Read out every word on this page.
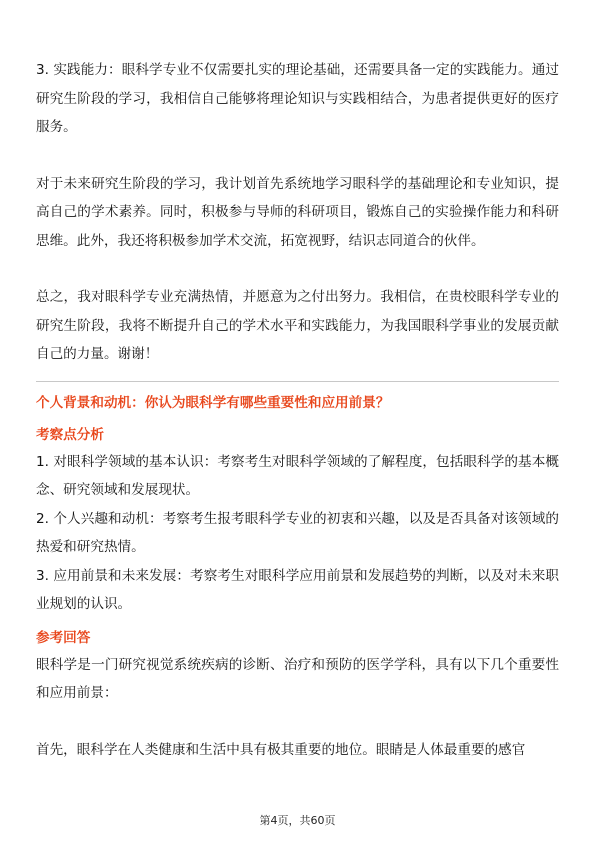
3. 实践能力：眼科学专业不仅需要扎实的理论基础，还需要具备一定的实践能力。通过研究生阶段的学习，我相信自己能够将理论知识与实践相结合，为患者提供更好的医疗服务。

对于未来研究生阶段的学习，我计划首先系统地学习眼科学的基础理论和专业知识，提高自己的学术素养。同时，积极参与导师的科研项目，锻炼自己的实验操作能力和科研思维。此外，我还将积极参加学术交流，拓宽视野，结识志同道合的伙伴。

总之，我对眼科学专业充满热情，并愿意为之付出努力。我相信，在贵校眼科学专业的研究生阶段，我将不断提升自己的学术水平和实践能力，为我国眼科学事业的发展贡献自己的力量。谢谢！

个人背景和动机：你认为眼科学有哪些重要性和应用前景？
考察点分析

1. 对眼科学领域的基本认识：考察考生对眼科学领域的了解程度，包括眼科学的基本概念、研究领域和发展现状。

2. 个人兴趣和动机：考察考生报考眼科学专业的初衷和兴趣，以及是否具备对该领域的热爱和研究热情。

3. 应用前景和未来发展：考察考生对眼科学应用前景和发展趋势的判断，以及对未来职业规划的认识。

参考回答

眼科学是一门研究视觉系统疾病的诊断、治疗和预防的医学学科，具有以下几个重要性和应用前景：

首先，眼科学在人类健康和生活中具有极其重要的地位。眼睛是人体最重要的感官

第4页，共60页
